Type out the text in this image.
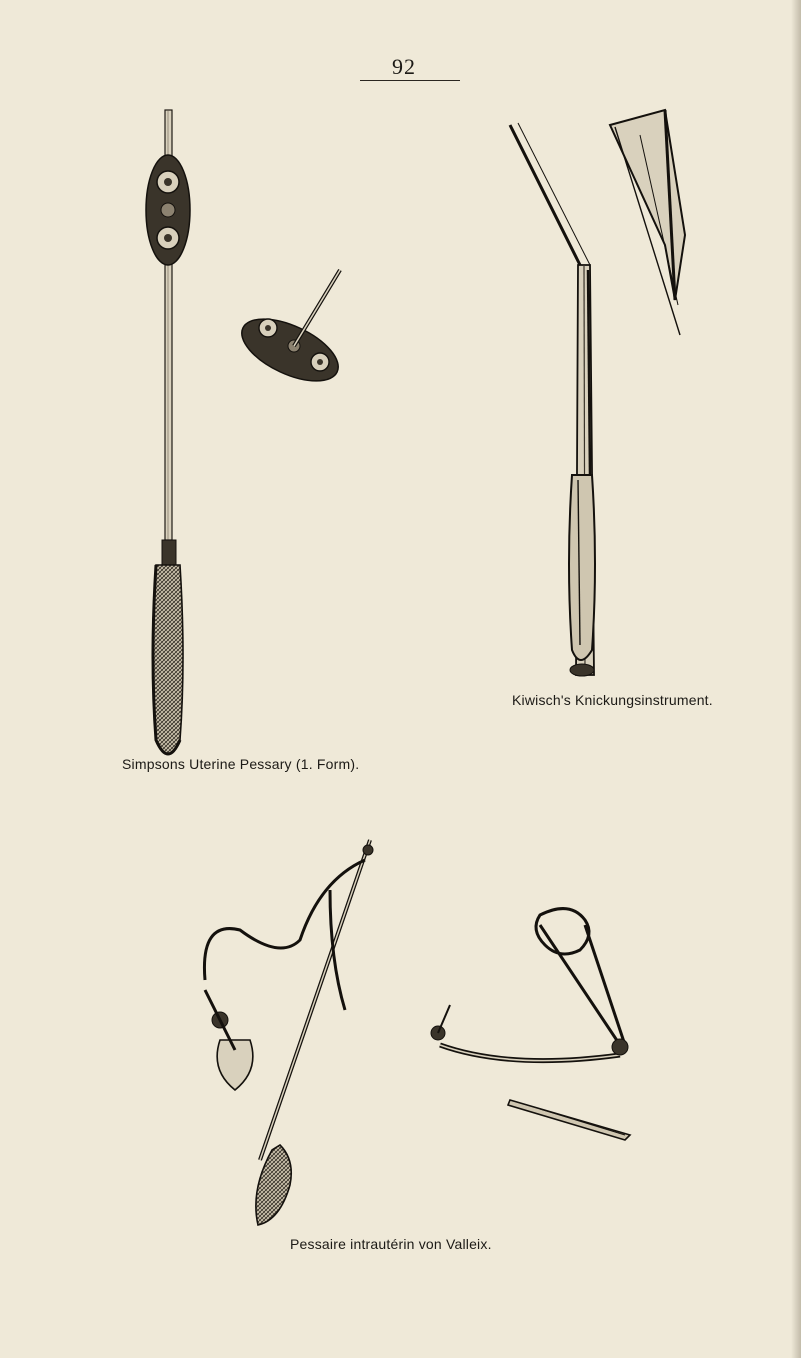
92
Kiwisch's Knickungsinstrument.
Simpsons Uterine Pessary (1. Form).
Pessaire intrautérin von Valleix.
